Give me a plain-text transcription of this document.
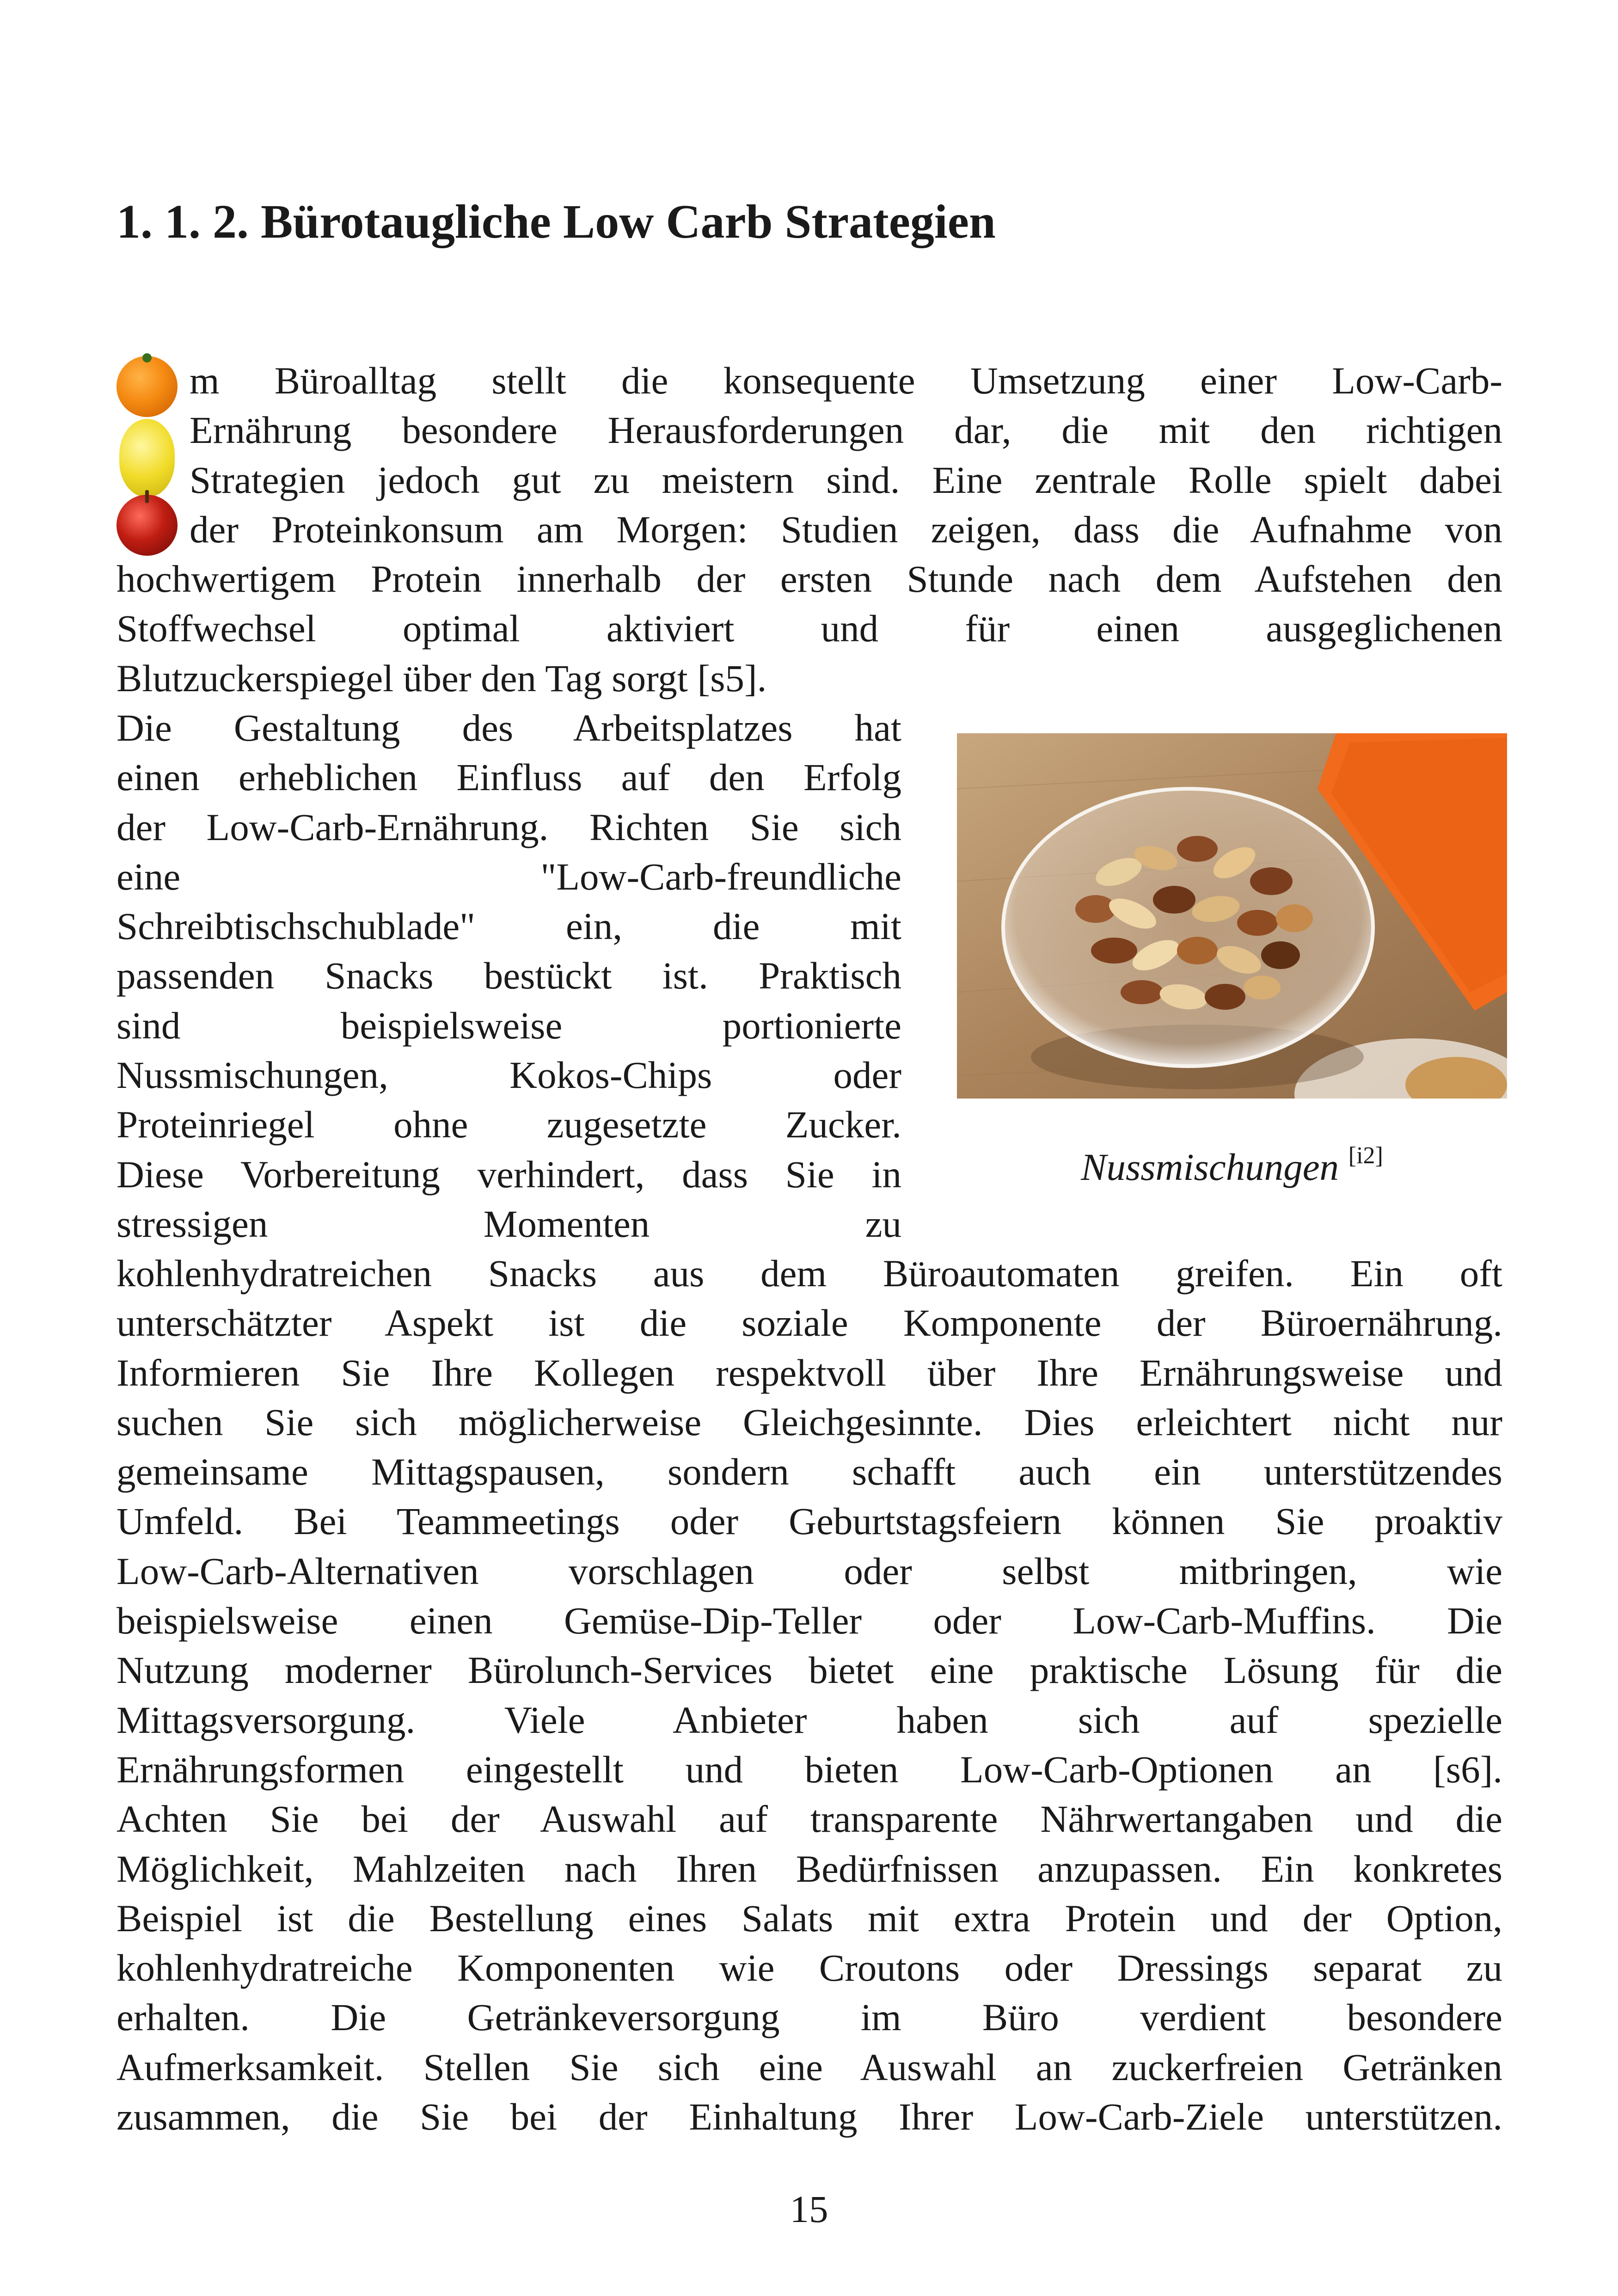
1. 1. 2. Bürotaugliche Low Carb Strategien
m Büroalltag stellt die konsequente Umsetzung einer Low-Carb-
Ernährung besondere Herausforderungen dar, die mit den richtigen
Strategien jedoch gut zu meistern sind. Eine zentrale Rolle spielt dabei
der Proteinkonsum am Morgen: Studien zeigen, dass die Aufnahme von
hochwertigem Protein innerhalb der ersten Stunde nach dem Aufstehen den
Stoffwechsel optimal aktiviert und für einen ausgeglichenen
Blutzuckerspiegel über den Tag sorgt [s5].
Die Gestaltung des Arbeitsplatzes hat
einen erheblichen Einfluss auf den Erfolg
der Low-Carb-Ernährung. Richten Sie sich
eine "Low-Carb-freundliche
Schreibtischschublade" ein, die mit
passenden Snacks bestückt ist. Praktisch
sind beispielsweise portionierte
Nussmischungen, Kokos-Chips oder
Proteinriegel ohne zugesetzte Zucker.
Diese Vorbereitung verhindert, dass Sie in
stressigen Momenten zu
Nussmischungen [i2]
kohlenhydratreichen Snacks aus dem Büroautomaten greifen. Ein oft
unterschätzter Aspekt ist die soziale Komponente der Büroernährung.
Informieren Sie Ihre Kollegen respektvoll über Ihre Ernährungsweise und
suchen Sie sich möglicherweise Gleichgesinnte. Dies erleichtert nicht nur
gemeinsame Mittagspausen, sondern schafft auch ein unterstützendes
Umfeld. Bei Teammeetings oder Geburtstagsfeiern können Sie proaktiv
Low-Carb-Alternativen vorschlagen oder selbst mitbringen, wie
beispielsweise einen Gemüse-Dip-Teller oder Low-Carb-Muffins. Die
Nutzung moderner Bürolunch-Services bietet eine praktische Lösung für die
Mittagsversorgung. Viele Anbieter haben sich auf spezielle
Ernährungsformen eingestellt und bieten Low-Carb-Optionen an [s6].
Achten Sie bei der Auswahl auf transparente Nährwertangaben und die
Möglichkeit, Mahlzeiten nach Ihren Bedürfnissen anzupassen. Ein konkretes
Beispiel ist die Bestellung eines Salats mit extra Protein und der Option,
kohlenhydratreiche Komponenten wie Croutons oder Dressings separat zu
erhalten. Die Getränkeversorgung im Büro verdient besondere
Aufmerksamkeit. Stellen Sie sich eine Auswahl an zuckerfreien Getränken
zusammen, die Sie bei der Einhaltung Ihrer Low-Carb-Ziele unterstützen.
15
